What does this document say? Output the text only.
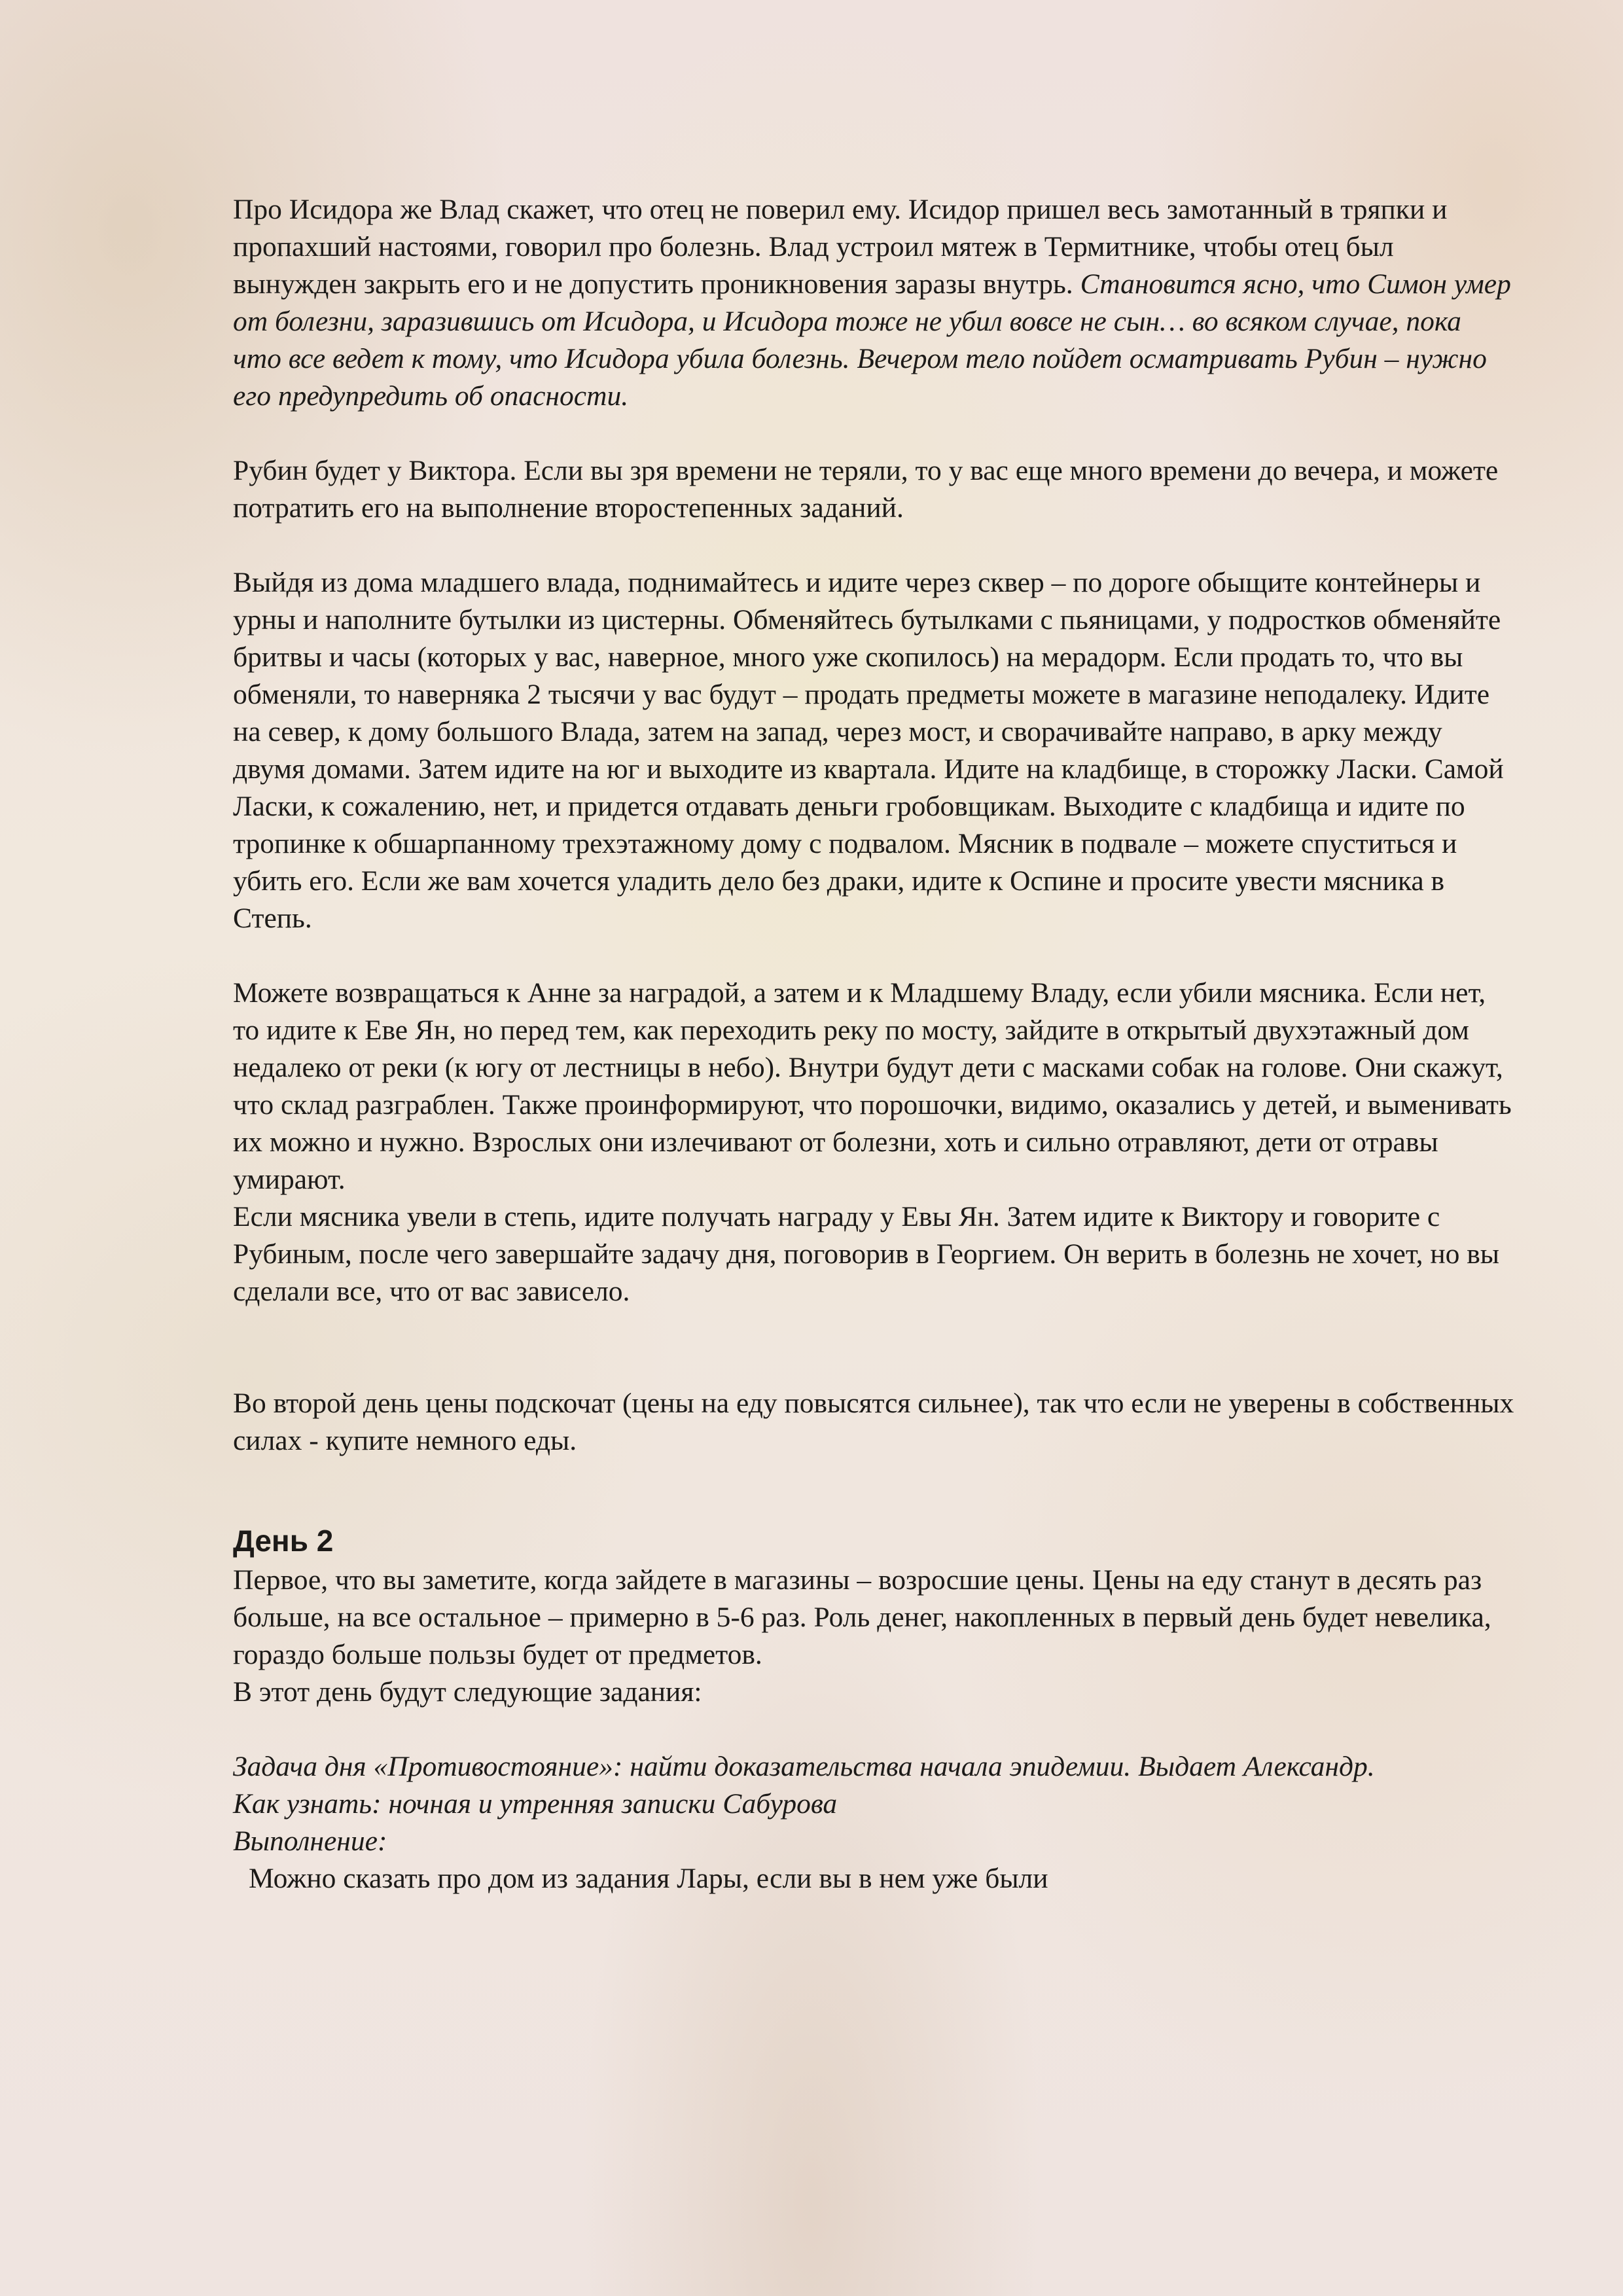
Про Исидора же Влад скажет, что отец не поверил ему. Исидор пришел весь замотанный в тряпки и пропахший настоями, говорил про болезнь. Влад устроил мятеж в Термитнике, чтобы отец был вынужден закрыть его и не допустить проникновения заразы внутрь. Становится ясно, что Симон умер от болезни, заразившись от Исидора, и Исидора тоже не убил вовсе не сын… во всяком случае, пока что все ведет к тому, что Исидора убила болезнь. Вечером тело пойдет осматривать Рубин – нужно его предупредить об опасности.

Рубин будет у Виктора. Если вы зря времени не теряли, то у вас еще много времени до вечера, и можете потратить его на выполнение второстепенных заданий.

Выйдя из дома младшего влада, поднимайтесь и идите через сквер – по дороге обыщите контейнеры и урны и наполните бутылки из цистерны. Обменяйтесь бутылками с пьяницами, у подростков обменяйте бритвы и часы (которых у вас, наверное, много уже скопилось) на мерадорм. Если продать то, что вы обменяли, то наверняка 2 тысячи у вас будут – продать предметы можете в магазине неподалеку. Идите на север, к дому большого Влада, затем на запад, через мост, и сворачивайте направо, в арку между двумя домами. Затем идите на юг и выходите из квартала. Идите на кладбище, в сторожку Ласки. Самой Ласки, к сожалению, нет, и придется отдавать деньги гробовщикам. Выходите с кладбища и идите по тропинке к обшарпанному трехэтажному дому с подвалом. Мясник в подвале – можете спуститься и убить его. Если же вам хочется уладить дело без драки, идите к Оспине и просите увести мясника в Степь.

Можете возвращаться к Анне за наградой, а затем и к Младшему Владу, если убили мясника. Если нет, то идите к Еве Ян, но перед тем, как переходить реку по мосту, зайдите в открытый двухэтажный дом недалеко от реки (к югу от лестницы в небо). Внутри будут дети с масками собак на голове. Они скажут, что склад разграблен. Также проинформируют, что порошочки, видимо, оказались у детей, и выменивать их можно и нужно. Взрослых они излечивают от болезни, хоть и сильно отравляют, дети от отравы умирают.

Если мясника увели в степь, идите получать награду у Евы Ян. Затем идите к Виктору и говорите с Рубиным, после чего завершайте задачу дня, поговорив в Георгием. Он верить в болезнь не хочет, но вы сделали все, что от вас зависело.

Во второй день цены подскочат (цены на еду повысятся сильнее), так что если не уверены в собственных силах - купите немного еды.

День 2

Первое, что вы заметите, когда зайдете в магазины – возросшие цены. Цены на еду станут в десять раз больше, на все остальное – примерно в 5-6 раз. Роль денег, накопленных в первый день будет невелика, гораздо больше пользы будет от предметов.

В этот день будут следующие задания:

Задача дня «Противостояние»: найти доказательства начала эпидемии. Выдает Александр.

Как узнать: ночная и утренняя записки Сабурова

Выполнение:

Можно сказать про дом из задания Лары, если вы в нем уже были
